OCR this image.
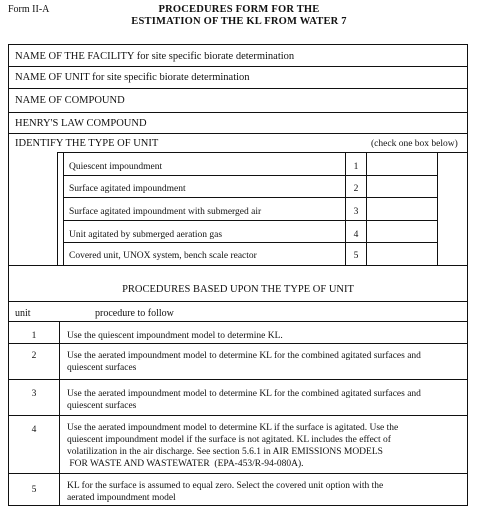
Form II-A	PROCEDURES FORM FOR THE
ESTIMATION OF THE KL FROM WATER 7
NAME OF THE FACILITY for site specific biorate determination
NAME OF UNIT for site specific biorate determination
NAME OF COMPOUND
HENRY'S LAW COMPOUND
IDENTIFY THE TYPE OF UNIT	(check one box below)
Quiescent impoundment	1
Surface agitated impoundment	2
Surface agitated impoundment with submerged air	3
Unit agitated by submerged aeration gas	4
Covered unit, UNOX system, bench scale reactor	5
PROCEDURES BASED UPON THE TYPE OF UNIT
unit	procedure to follow
1	Use the quiescent impoundment model to determine KL.
2	Use the aerated impoundment model to determine KL for the combined agitated surfaces and
quiescent surfaces
3	Use the aerated impoundment model to determine KL for the combined agitated surfaces and
quiescent surfaces
4	Use the aerated impoundment model to determine KL if the surface is agitated. Use the
quiescent impoundment model if the surface is not agitated. KL includes the effect of
volatilization in the air discharge. See section 5.6.1 in AIR EMISSIONS MODELS
FOR WASTE AND WASTEWATER  (EPA-453/R-94-080A).
5	KL for the surface is assumed to equal zero. Select the covered unit option with the
aerated impoundment model
